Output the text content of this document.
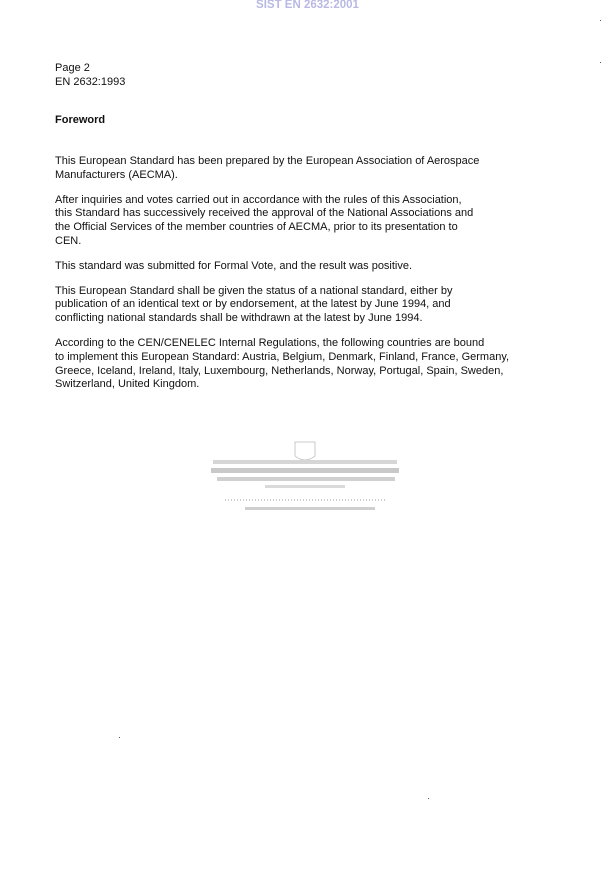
SIST EN 2632:2001
Page 2
EN 2632:1993
Foreword

This European Standard has been prepared by the European Association of Aerospace
Manufacturers (AECMA).

After inquiries and votes carried out in accordance with the rules of this Association,
this Standard has successively received the approval of the National Associations and
the Official Services of the member countries of AECMA, prior to its presentation to
CEN.

This standard was submitted for Formal Vote, and the result was positive.

This European Standard shall be given the status of a national standard, either by
publication of an identical text or by endorsement, at the latest by June 1994, and
conflicting national standards shall be withdrawn at the latest by June 1994.

According to the CEN/CENELEC Internal Regulations, the following countries are bound
to implement this European Standard: Austria, Belgium, Denmark, Finland, France, Germany,
Greece, Iceland, Ireland, Italy, Luxembourg, Netherlands, Norway, Portugal, Spain, Sweden,
Switzerland, United Kingdom.
